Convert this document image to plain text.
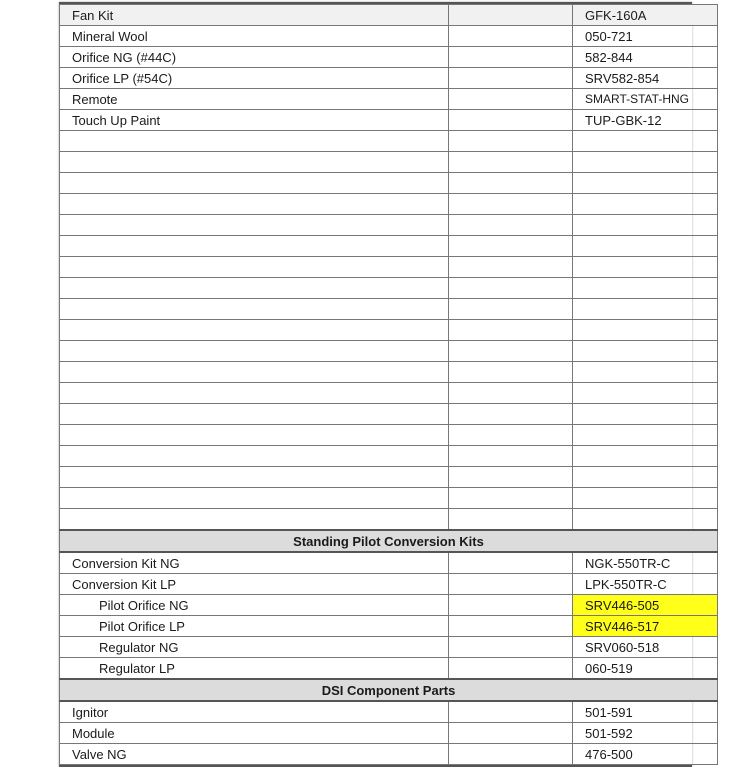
Fan Kit		GFK-160A
Mineral Wool		050-721
Orifice NG (#44C)		582-844
Orifice LP (#54C)		SRV582-854
Remote		SMART-STAT-HNG
Touch Up Paint		TUP-GBK-12

Standing Pilot Conversion Kits		
Conversion Kit NG		NGK-550TR-C
Conversion Kit LP		LPK-550TR-C
Pilot Orifice NG		SRV446-505
Pilot Orifice LP		SRV446-517
Regulator NG		SRV060-518
Regulator LP		060-519
DSI Component Parts		
Ignitor		501-591
Module		501-592
Valve NG		476-500
